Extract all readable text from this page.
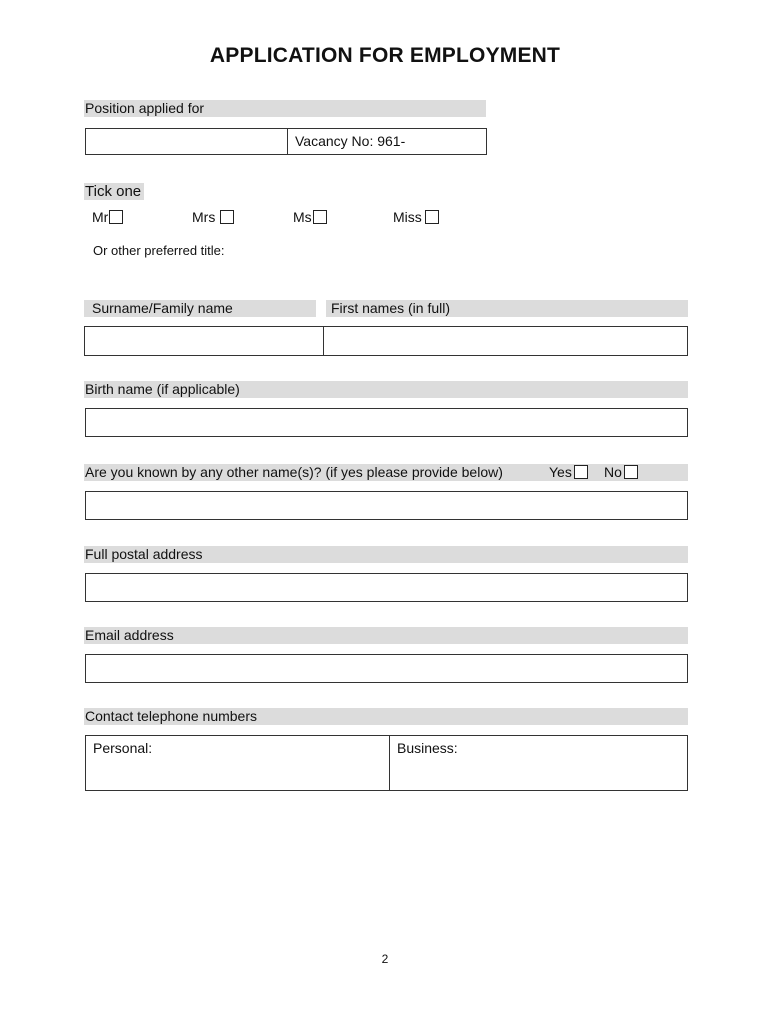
APPLICATION FOR EMPLOYMENT
Position applied for
Vacancy No: 961-
Tick one
Mr	Mrs	Ms	Miss
Or other preferred title:
Surname/Family name	First names (in full)
Birth name (if applicable)
Are you known by any other name(s)? (if yes please provide below)	Yes	No
Full postal address
Email address
Contact telephone numbers
Personal:	Business:
2
